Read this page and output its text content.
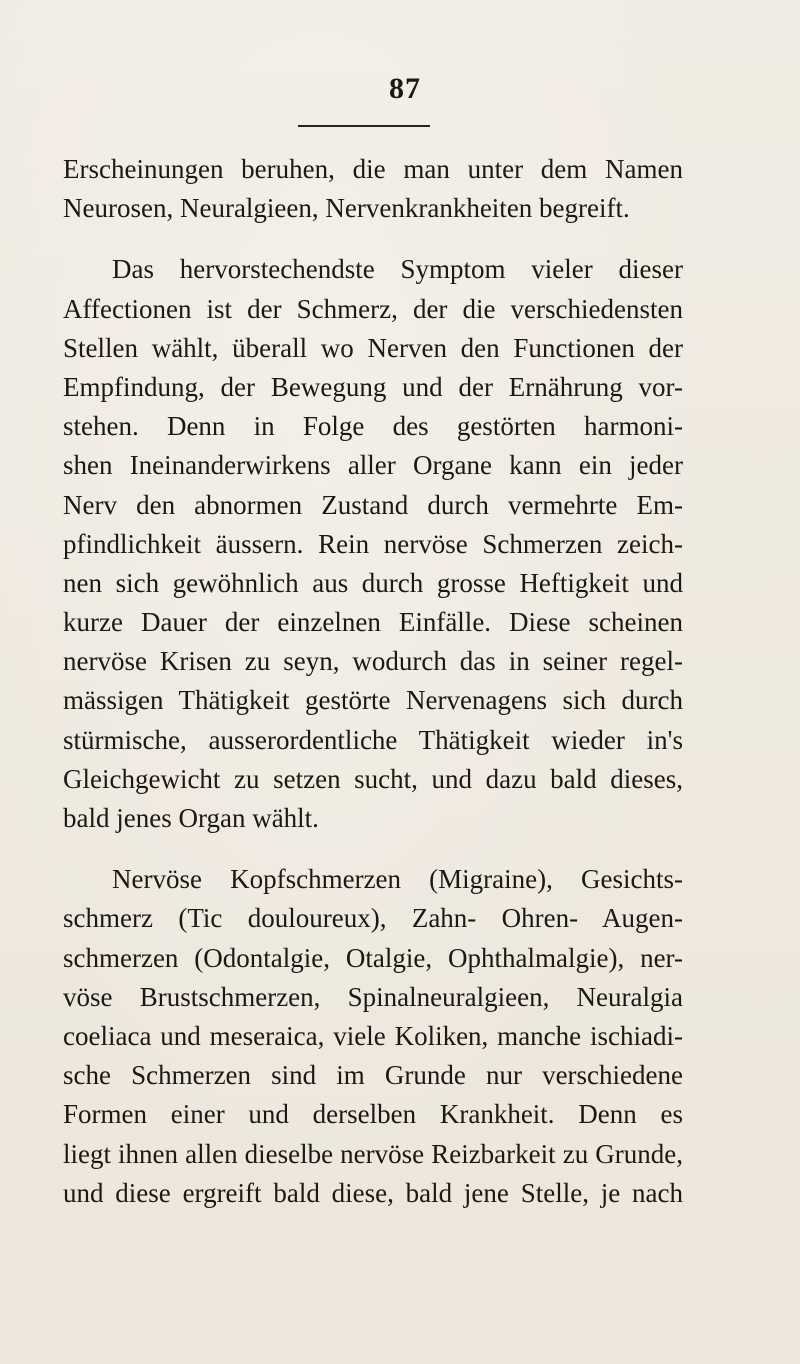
87
Erscheinungen beruhen, die man unter dem Namen
Neurosen, Neuralgieen, Nervenkrankheiten begreift.
Das hervorstechendste Symptom vieler dieser
Affectionen ist der Schmerz, der die verschiedensten
Stellen wählt, überall wo Nerven den Functionen der
Empfindung, der Bewegung und der Ernährung vor-
stehen. Denn in Folge des gestörten harmoni-
shen Ineinanderwirkens aller Organe kann ein jeder
Nerv den abnormen Zustand durch vermehrte Em-
pfindlichkeit äussern. Rein nervöse Schmerzen zeich-
nen sich gewöhnlich aus durch grosse Heftigkeit und
kurze Dauer der einzelnen Einfälle. Diese scheinen
nervöse Krisen zu seyn, wodurch das in seiner regel-
mässigen Thätigkeit gestörte Nervenagens sich durch
stürmische, ausserordentliche Thätigkeit wieder in's
Gleichgewicht zu setzen sucht, und dazu bald dieses,
bald jenes Organ wählt.
Nervöse Kopfschmerzen (Migraine), Gesichts-
schmerz (Tic douloureux), Zahn- Ohren- Augen-
schmerzen (Odontalgie, Otalgie, Ophthalmalgie), ner-
vöse Brustschmerzen, Spinalneuralgieen, Neuralgia
coeliaca und meseraica, viele Koliken, manche ischiadi-
sche Schmerzen sind im Grunde nur verschiedene
Formen einer und derselben Krankheit. Denn es
liegt ihnen allen dieselbe nervöse Reizbarkeit zu Grunde,
und diese ergreift bald diese, bald jene Stelle, je nach
